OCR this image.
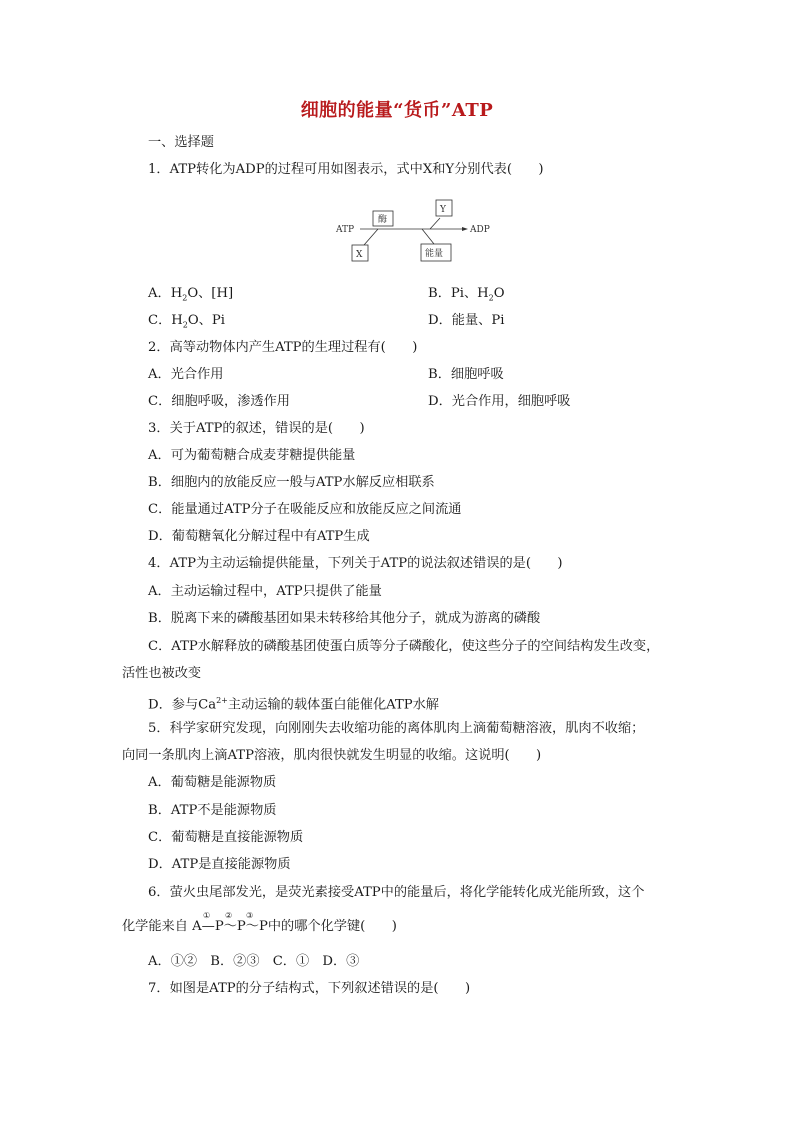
细胞的能量“货币”ATP
一、选择题
1．ATP转化为ADP的过程可用如图表示，式中X和Y分别代表(　　)
ATP	ADP
酶
X
Y
能量
A．$H_2O$、[H]	B．Pi、$H_2O$
C．$H_2O$、Pi	D．能量、Pi
2．高等动物体内产生ATP的生理过程有(　　)
A．光合作用	B．细胞呼吸
C．细胞呼吸，渗透作用	D．光合作用，细胞呼吸
3．关于ATP的叙述，错误的是(　　)
A．可为葡萄糖合成麦芽糖提供能量
B．细胞内的放能反应一般与ATP水解反应相联系
C．能量通过ATP分子在吸能反应和放能反应之间流通
D．葡萄糖氧化分解过程中有ATP生成
4．ATP为主动运输提供能量，下列关于ATP的说法叙述错误的是(　　)
A．主动运输过程中，ATP只提供了能量
B．脱离下来的磷酸基团如果未转移给其他分子，就成为游离的磷酸
C．ATP水解释放的磷酸基团使蛋白质等分子磷酸化，使这些分子的空间结构发生改变，
活性也被改变
D．参与$Ca^{2+}$主动运输的载体蛋白能催化ATP水解
5．科学家研究发现，向刚刚失去收缩功能的离体肌肉上滴葡萄糖溶液，肌肉不收缩；
向同一条肌肉上滴ATP溶液，肌肉很快就发生明显的收缩。这说明(　　)
A．葡萄糖是能源物质
B．ATP不是能源物质
C．葡萄糖是直接能源物质
D．ATP是直接能源物质
6．萤火虫尾部发光，是荧光素接受ATP中的能量后，将化学能转化成光能所致，这个
① ② ③
化学能来自 A—P～P～P中的哪个化学键(　　)
A．①②　B．②③　C．①　D．③
7．如图是ATP的分子结构式，下列叙述错误的是(　　)
